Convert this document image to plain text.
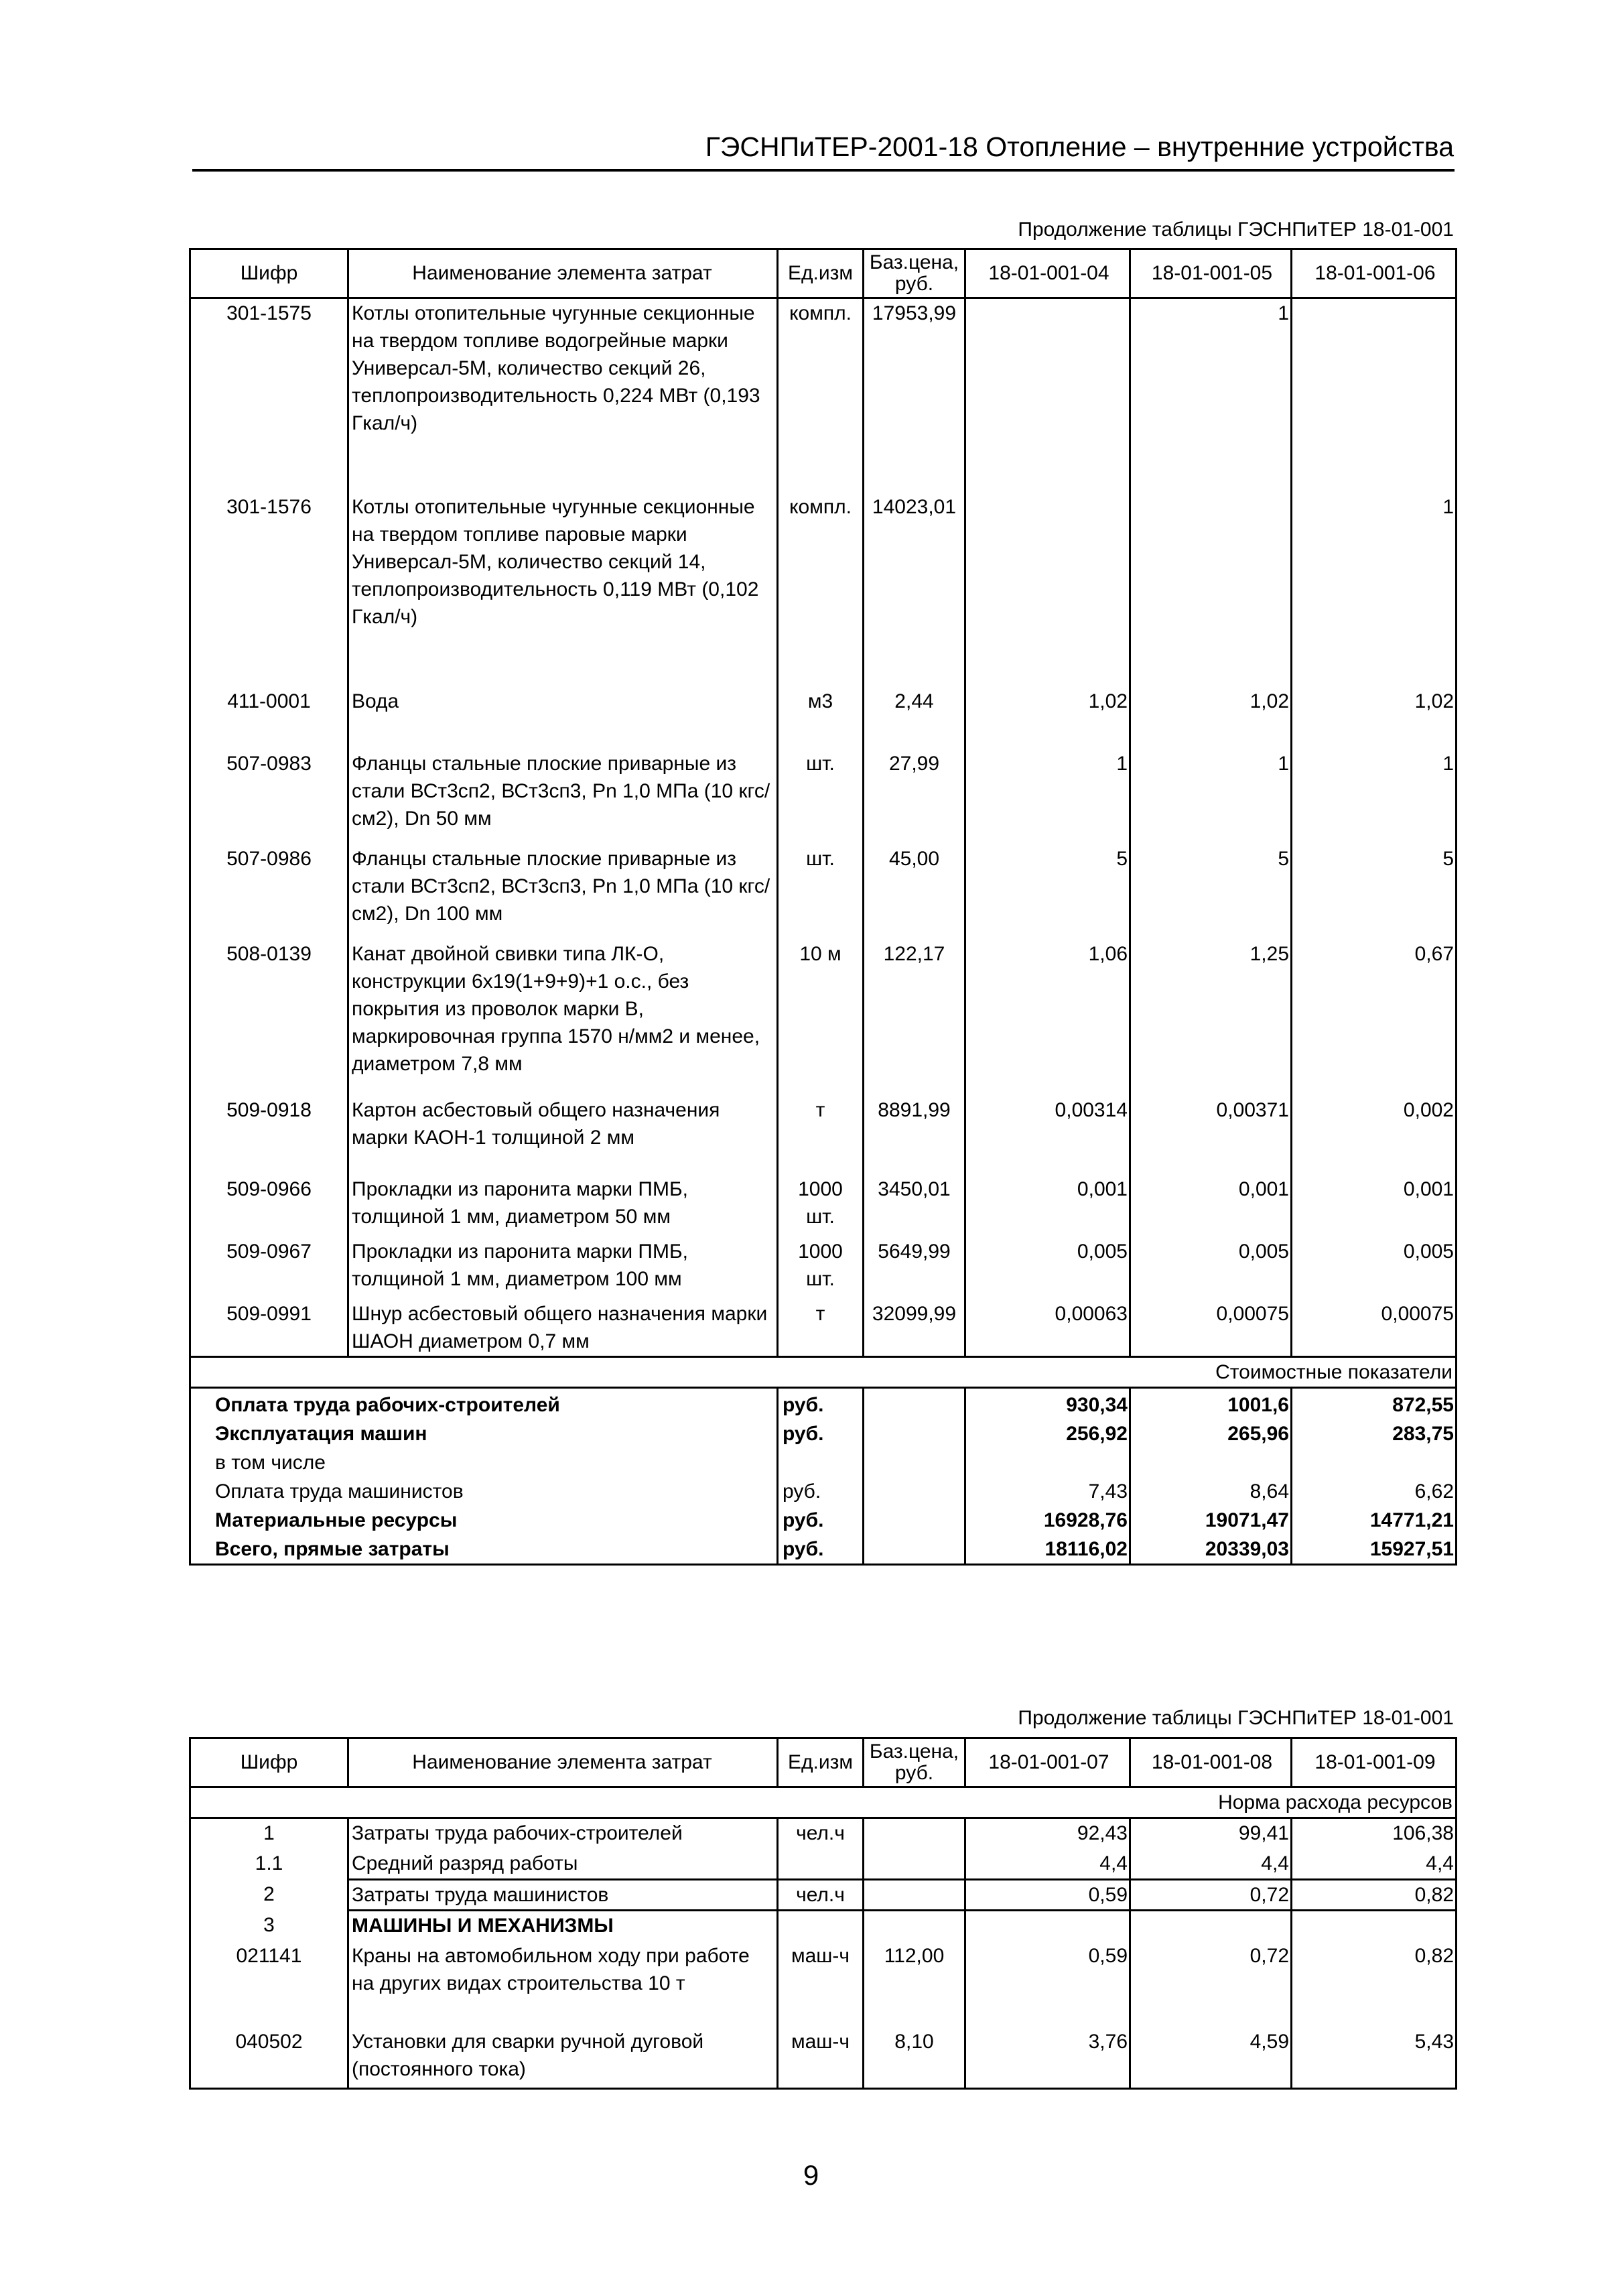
ГЭСНПиТЕР-2001-18 Отопление – внутренние устройства
Продолжение таблицы ГЭСНПиТЕР 18-01-001
Шифр	Наименование элемента затрат	Ед.изм	Баз.цена, руб.	18-01-001-04	18-01-001-05	18-01-001-06
301-1575	Котлы отопительные чугунные секционные на твердом топливе водогрейные марки Универсал-5М, количество секций 26, теплопроизводительность 0,224 МВт (0,193 Гкал/ч)	компл.	17953,99		1	
301-1576	Котлы отопительные чугунные секционные на твердом топливе паровые марки Универсал-5М, количество секций 14, теплопроизводительность 0,119 МВт (0,102 Гкал/ч)	компл.	14023,01			1
411-0001	Вода	м3	2,44	1,02	1,02	1,02
507-0983	Фланцы стальные плоские приварные из стали ВСт3сп2, ВСт3сп3, Pn 1,0 МПа (10 кгс/см2), Dn 50 мм	шт.	27,99	1	1	1
507-0986	Фланцы стальные плоские приварные из стали ВСт3сп2, ВСт3сп3, Pn 1,0 МПа (10 кгс/см2), Dn 100 мм	шт.	45,00	5	5	5
508-0139	Канат двойной свивки типа ЛК-О, конструкции 6х19(1+9+9)+1 о.с., без покрытия из проволок марки В, маркировочная группа 1570 н/мм2 и менее, диаметром 7,8 мм	10 м	122,17	1,06	1,25	0,67
509-0918	Картон асбестовый общего назначения марки КАОН-1 толщиной 2 мм	т	8891,99	0,00314	0,00371	0,002
509-0966	Прокладки из паронита марки ПМБ, толщиной 1 мм, диаметром 50 мм	1000 шт.	3450,01	0,001	0,001	0,001
509-0967	Прокладки из паронита марки ПМБ, толщиной 1 мм, диаметром 100 мм	1000 шт.	5649,99	0,005	0,005	0,005
509-0991	Шнур асбестовый общего назначения марки ШАОН диаметром 0,7 мм	т	32099,99	0,00063	0,00075	0,00075
Стоимостные показатели						
Оплата труда рабочих-строителей		руб.		930,34	1001,6	872,55
Эксплуатация машин		руб.		256,92	265,96	283,75
в том числе						
Оплата труда машинистов		руб.		7,43	8,64	6,62
Материальные ресурсы		руб.		16928,76	19071,47	14771,21
Всего, прямые затраты		руб.		18116,02	20339,03	15927,51
Продолжение таблицы ГЭСНПиТЕР 18-01-001
Шифр	Наименование элемента затрат	Ед.изм	Баз.цена, руб.	18-01-001-07	18-01-001-08	18-01-001-09
Норма расхода ресурсов						
1	Затраты труда рабочих-строителей	чел.ч		92,43	99,41	106,38
1.1	Средний разряд работы			4,4	4,4	4,4
2	Затраты труда машинистов	чел.ч		0,59	0,72	0,82
3	МАШИНЫ И МЕХАНИЗМЫ					
021141	Краны на автомобильном ходу при работе на других видах строительства 10 т	маш-ч	112,00	0,59	0,72	0,82
040502	Установки для сварки ручной дуговой (постоянного тока)	маш-ч	8,10	3,76	4,59	5,43
9
